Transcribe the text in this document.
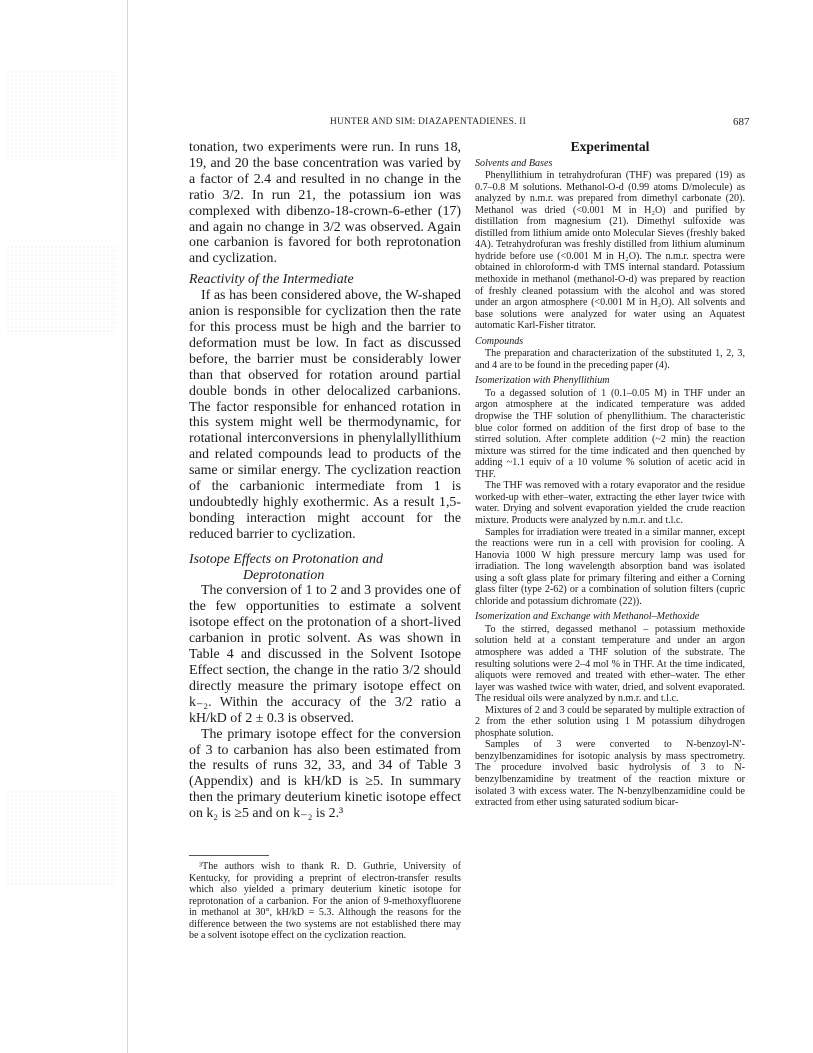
HUNTER AND SIM: DIAZAPENTADIENES. II	687

tonation, two experiments were run. In runs 18, 19, and 20 the base concentration was varied by a factor of 2.4 and resulted in no change in the ratio 3/2. In run 21, the potassium ion was complexed with dibenzo-18-crown-6-ether (17) and again no change in 3/2 was observed. Again one carbanion is favored for both reprotonation and cyclization.

Reactivity of the Intermediate

If as has been considered above, the W-shaped anion is responsible for cyclization then the rate for this process must be high and the barrier to deformation must be low. In fact as discussed before, the barrier must be considerably lower than that observed for rotation around partial double bonds in other delocalized carbanions. The factor responsible for enhanced rotation in this system might well be thermodynamic, for rotational interconversions in phenylallyllithium and related compounds lead to products of the same or similar energy. The cyclization reaction of the carbanionic intermediate from 1 is undoubtedly highly exothermic. As a result 1,5-bonding interaction might account for the reduced barrier to cyclization.

Isotope Effects on Protonation and

Deprotonation

The conversion of 1 to 2 and 3 provides one of the few opportunities to estimate a solvent isotope effect on the protonation of a short-lived carbanion in protic solvent. As was shown in Table 4 and discussed in the Solvent Isotope Effect section, the change in the ratio 3/2 should directly measure the primary isotope effect on k₋₂. Within the accuracy of the 3/2 ratio a kH/kD of 2 ± 0.3 is observed.

The primary isotope effect for the conversion of 3 to carbanion has also been estimated from the results of runs 32, 33, and 34 of Table 3 (Appendix) and is kH/kD is ≥5. In summary then the primary deuterium kinetic isotope effect on k₂ is ≥5 and on k₋₂ is 2.³

³The authors wish to thank R. D. Guthrie, University of Kentucky, for providing a preprint of electron-transfer results which also yielded a primary deuterium kinetic isotope for reprotonation of a carbanion. For the anion of 9-methoxyfluorene in methanol at 30°, kH/kD = 5.3. Although the reasons for the difference between the two systems are not established there may be a solvent isotope effect on the cyclization reaction.

Experimental

Solvents and Bases

Phenyllithium in tetrahydrofuran (THF) was prepared (19) as 0.7–0.8 M solutions. Methanol-O-d (0.99 atoms D/molecule) as analyzed by n.m.r. was prepared from dimethyl carbonate (20). Methanol was dried (<0.001 M in H₂O) and purified by distillation from magnesium (21). Dimethyl sulfoxide was distilled from lithium amide onto Molecular Sieves (freshly baked 4A). Tetrahydrofuran was freshly distilled from lithium aluminum hydride before use (<0.001 M in H₂O). The n.m.r. spectra were obtained in chloroform-d with TMS internal standard. Potassium methoxide in methanol (methanol-O-d) was prepared by reaction of freshly cleaned potassium with the alcohol and was stored under an argon atmosphere (<0.001 M in H₂O). All solvents and base solutions were analyzed for water using an Aquatest automatic Karl-Fisher titrator.

Compounds

The preparation and characterization of the substituted 1, 2, 3, and 4 are to be found in the preceding paper (4).

Isomerization with Phenyllithium

To a degassed solution of 1 (0.1–0.05 M) in THF under an argon atmosphere at the indicated temperature was added dropwise the THF solution of phenyllithium. The characteristic blue color formed on addition of the first drop of base to the stirred solution. After complete addition (~2 min) the reaction mixture was stirred for the time indicated and then quenched by adding ~1.1 equiv of a 10 volume % solution of acetic acid in THF.

The THF was removed with a rotary evaporator and the residue worked-up with ether–water, extracting the ether layer twice with water. Drying and solvent evaporation yielded the crude reaction mixture. Products were analyzed by n.m.r. and t.l.c.

Samples for irradiation were treated in a similar manner, except the reactions were run in a cell with provision for cooling. A Hanovia 1000 W high pressure mercury lamp was used for irradiation. The long wavelength absorption band was isolated using a soft glass plate for primary filtering and either a Corning glass filter (type 2-62) or a combination of solution filters (cupric chloride and potassium dichromate (22)).

Isomerization and Exchange with Methanol–Methoxide

To the stirred, degassed methanol – potassium methoxide solution held at a constant temperature and under an argon atmosphere was added a THF solution of the substrate. The resulting solutions were 2–4 mol % in THF. At the time indicated, aliquots were removed and treated with ether–water. The ether layer was washed twice with water, dried, and solvent evaporated. The residual oils were analyzed by n.m.r. and t.l.c.

Mixtures of 2 and 3 could be separated by multiple extraction of 2 from the ether solution using 1 M potassium dihydrogen phosphate solution.

Samples of 3 were converted to N-benzoyl-N′-benzylbenzamidines for isotopic analysis by mass spectrometry. The procedure involved basic hydrolysis of 3 to N-benzylbenzamidine by treatment of the reaction mixture or isolated 3 with excess water. The N-benzylbenzamidine could be extracted from ether using saturated sodium bicar-
